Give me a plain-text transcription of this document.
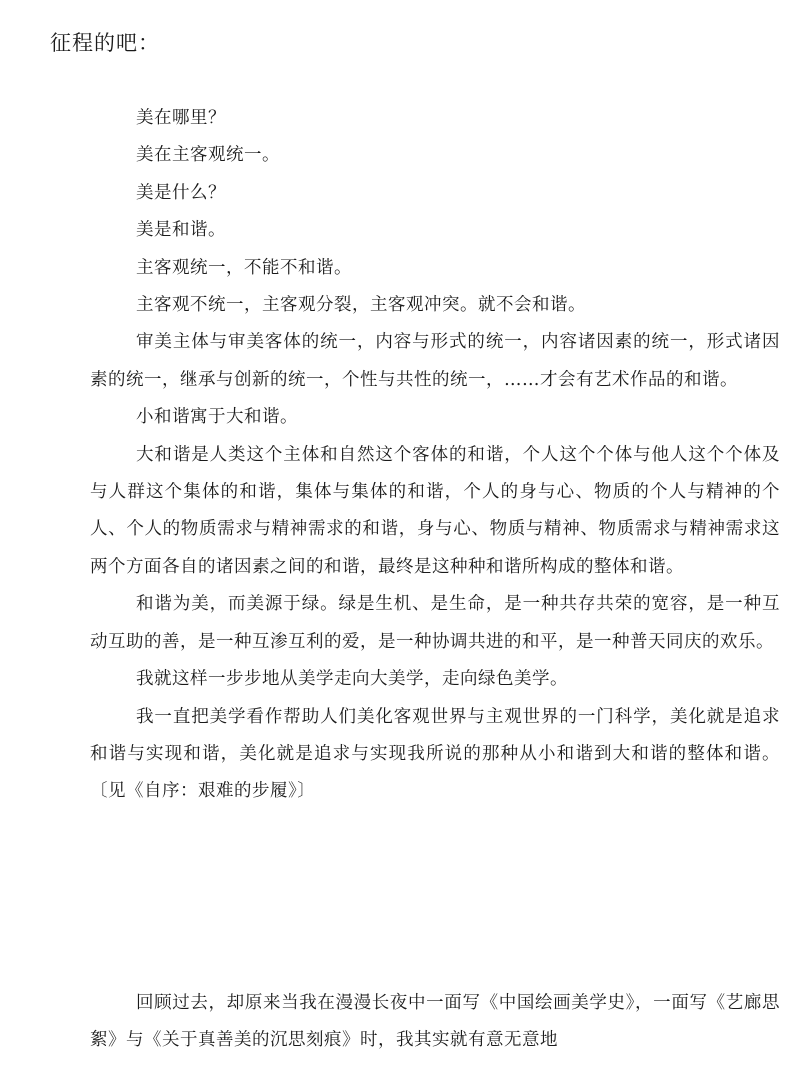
征程的吧：

美在哪里？

美在主客观统一。

美是什么？

美是和谐。

主客观统一，不能不和谐。

主客观不统一，主客观分裂，主客观冲突。就不会和谐。

审美主体与审美客体的统一，内容与形式的统一，内容诸因素的统一，形式诸因素的统一，继承与创新的统一，个性与共性的统一，……才会有艺术作品的和谐。

小和谐寓于大和谐。

大和谐是人类这个主体和自然这个客体的和谐，个人这个个体与他人这个个体及与人群这个集体的和谐，集体与集体的和谐，个人的身与心、物质的个人与精神的个人、个人的物质需求与精神需求的和谐，身与心、物质与精神、物质需求与精神需求这两个方面各自的诸因素之间的和谐，最终是这种种和谐所构成的整体和谐。

和谐为美，而美源于绿。绿是生机、是生命，是一种共存共荣的宽容，是一种互动互助的善，是一种互渗互利的爱，是一种协调共进的和平，是一种普天同庆的欢乐。

我就这样一步步地从美学走向大美学，走向绿色美学。

我一直把美学看作帮助人们美化客观世界与主观世界的一门科学，美化就是追求和谐与实现和谐，美化就是追求与实现我所说的那种从小和谐到大和谐的整体和谐。〔见《自序：艰难的步履》〕

回顾过去，却原来当我在漫漫长夜中一面写《中国绘画美学史》，一面写《艺廊思絮》与《关于真善美的沉思刻痕》时，我其实就有意无意地
